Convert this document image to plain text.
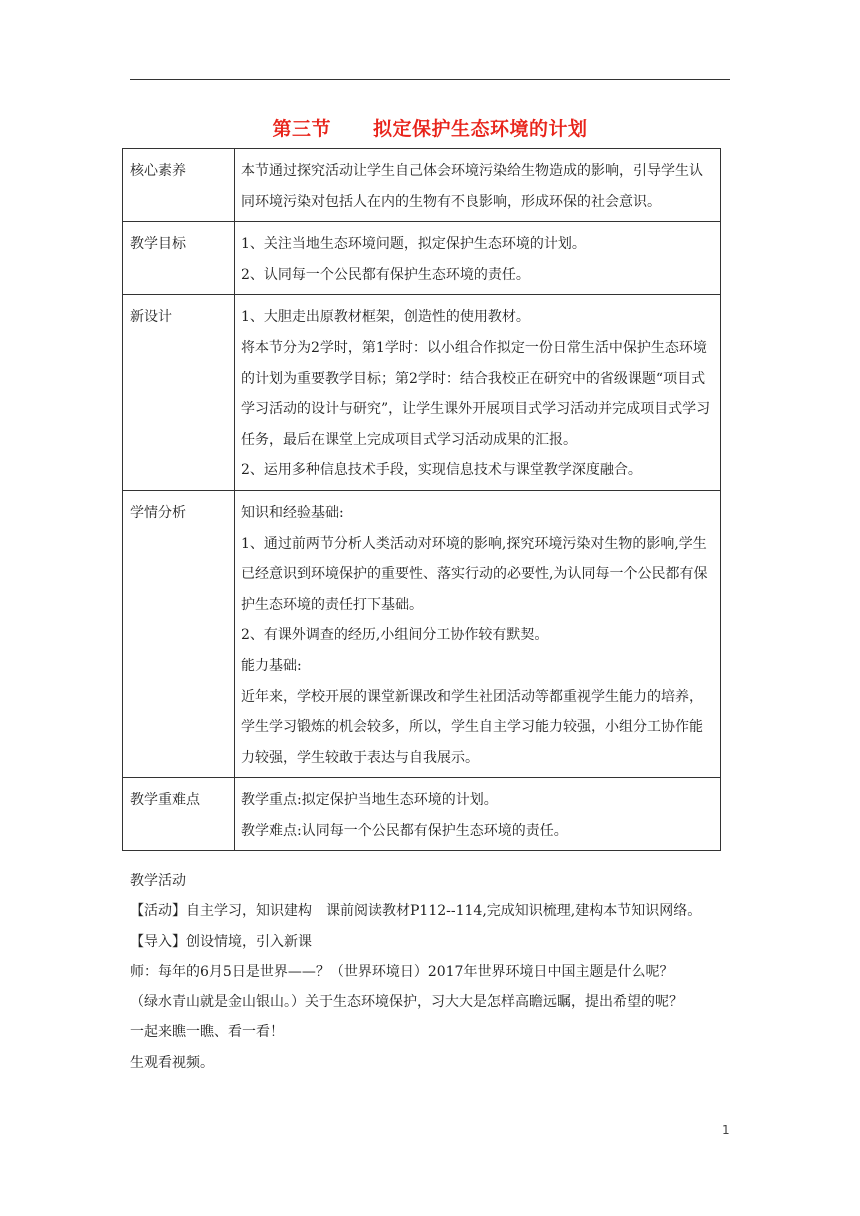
第三节 拟定保护生态环境的计划
核心素养	本节通过探究活动让学生自己体会环境污染给生物造成的影响，引导学生认同环境污染对包括人在内的生物有不良影响，形成环保的社会意识。

教学目标	1、关注当地生态环境问题，拟定保护生态环境的计划。
2、认同每一个公民都有保护生态环境的责任。

新设计	1、大胆走出原教材框架，创造性的使用教材。
将本节分为2学时，第1学时：以小组合作拟定一份日常生活中保护生态环境的计划为重要教学目标；第2学时：结合我校正在研究中的省级课题“项目式学习活动的设计与研究”，让学生课外开展项目式学习活动并完成项目式学习任务，最后在课堂上完成项目式学习活动成果的汇报。
2、运用多种信息技术手段，实现信息技术与课堂教学深度融合。

学情分析	知识和经验基础:
1、通过前两节分析人类活动对环境的影响,探究环境污染对生物的影响,学生已经意识到环境保护的重要性、落实行动的必要性,为认同每一个公民都有保护生态环境的责任打下基础。
2、有课外调查的经历,小组间分工协作较有默契。
能力基础:
近年来，学校开展的课堂新课改和学生社团活动等都重视学生能力的培养，学生学习锻炼的机会较多，所以，学生自主学习能力较强，小组分工协作能力较强，学生较敢于表达与自我展示。

教学重难点	教学重点:拟定保护当地生态环境的计划。
教学难点:认同每一个公民都有保护生态环境的责任。
教学活动
【活动】自主学习，知识建构　课前阅读教材P112--114,完成知识梳理,建构本节知识网络。
【导入】创设情境，引入新课
师：每年的6月5日是世界——？（世界环境日）2017年世界环境日中国主题是什么呢？
（绿水青山就是金山银山。）关于生态环境保护，习大大是怎样高瞻远瞩，提出希望的呢？
一起来瞧一瞧、看一看！
生观看视频。
1
